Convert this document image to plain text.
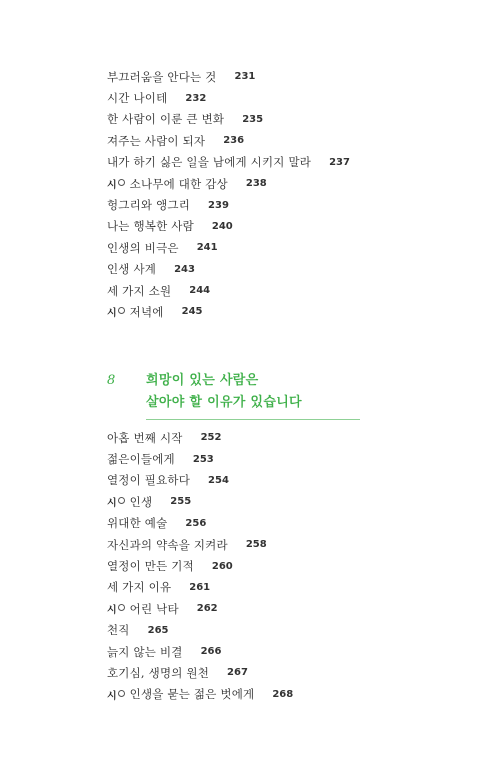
부끄러움을 안다는 것 231
시간 나이테 232
한 사람이 이룬 큰 변화 235
져주는 사람이 되자 236
내가 하기 싫은 일을 남에게 시키지 말라 237
시 소나무에 대한 감상 238
헝그리와 앵그리 239
나는 행복한 사람 240
인생의 비극은 241
인생 사계 243
세 가지 소원 244
시 저녁에 245
8 희망이 있는 사람은
살아야 할 이유가 있습니다
아홉 번째 시작 252
젊은이들에게 253
열정이 필요하다 254
시 인생 255
위대한 예술 256
자신과의 약속을 지켜라 258
열정이 만든 기적 260
세 가지 이유 261
시 어린 낙타 262
천직 265
늙지 않는 비결 266
호기심, 생명의 원천 267
시 인생을 묻는 젊은 벗에게 268
